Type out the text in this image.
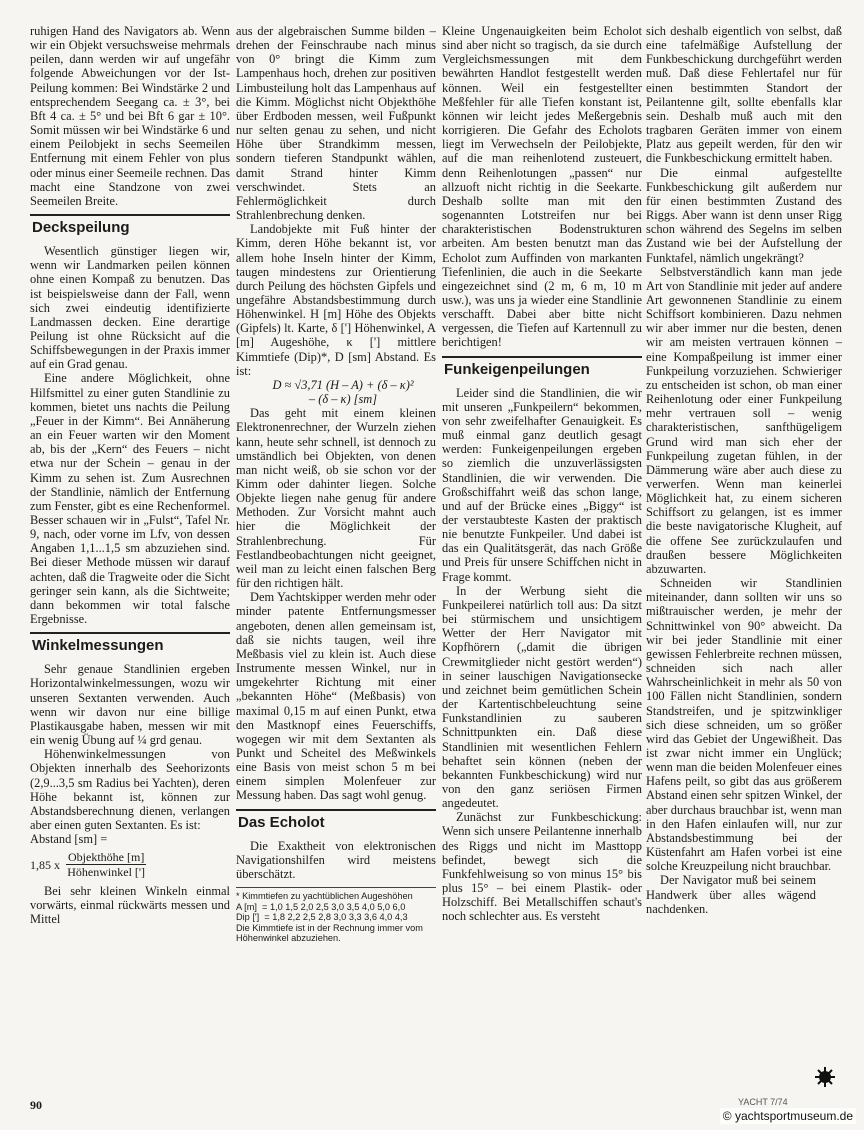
ruhigen Hand des Navigators ab. Wenn wir ein Objekt versuchsweise mehrmals peilen, dann werden wir auf ungefähr folgende Abweichungen vor der Ist-Peilung kommen: Bei Windstärke 2 und entsprechendem Seegang ca. ± 3°, bei Bft 4 ca. ± 5° und bei Bft 6 gar ± 10°. Somit müssen wir bei Windstärke 6 und einem Peilobjekt in sechs Seemeilen Entfernung mit einem Fehler von plus oder minus einer Seemeile rechnen. Das macht eine Standzone von zwei Seemeilen Breite.

Deckspeilung

Wesentlich günstiger liegen wir, wenn wir Landmarken peilen können ohne einen Kompaß zu benutzen. Das ist beispielsweise dann der Fall, wenn sich zwei eindeutig identifizierte Landmassen decken. Eine derartige Peilung ist ohne Rücksicht auf die Schiffsbewegungen in der Praxis immer auf ein Grad genau.

Eine andere Möglichkeit, ohne Hilfsmittel zu einer guten Standlinie zu kommen, bietet uns nachts die Peilung „Feuer in der Kimm“. Bei Annäherung an ein Feuer warten wir den Moment ab, bis der „Kern“ des Feuers – nicht etwa nur der Schein – genau in der Kimm zu sehen ist. Zum Ausrechnen der Standlinie, nämlich der Entfernung zum Fenster, gibt es eine Rechenformel. Besser schauen wir in „Fulst“, Tafel Nr. 9, nach, oder vorne im Lfv, von dessen Angaben 1,1...1,5 sm abzuziehen sind. Bei dieser Methode müssen wir darauf achten, daß die Tragweite oder die Sicht geringer sein kann, als die Sichtweite; dann bekommen wir total falsche Ergebnisse.

Winkelmessungen

Sehr genaue Standlinien ergeben Horizontalwinkelmessungen, wozu wir unseren Sextanten verwenden. Auch wenn wir davon nur eine billige Plastikausgabe haben, messen wir mit ein wenig Übung auf ¼ grd genau.

Höhenwinkelmessungen von Objekten innerhalb des Seehorizonts (2,9...3,5 sm Radius bei Yachten), deren Höhe bekannt ist, können zur Abstandsberechnung dienen, verlangen aber einen guten Sextanten. Es ist:

Abstand [sm] =

1,85 x $\frac{\text{Objekthöhe [m]}}{\text{Höhenwinkel [']}}$

Bei sehr kleinen Winkeln einmal vorwärts, einmal rückwärts messen und Mittel

aus der algebraischen Summe bilden – drehen der Feinschraube nach minus von 0° bringt die Kimm zum Lampenhaus hoch, drehen zur positiven Limbusteilung holt das Lampenhaus auf die Kimm. Möglichst nicht Objekthöhe über Erdboden messen, weil Fußpunkt nur selten genau zu sehen, und nicht Höhe über Strandkimm messen, sondern tieferen Standpunkt wählen, damit Strand hinter Kimm verschwindet. Stets an Fehlermöglichkeit durch Strahlenbrechung denken.

Landobjekte mit Fuß hinter der Kimm, deren Höhe bekannt ist, vor allem hohe Inseln hinter der Kimm, taugen mindestens zur Orientierung durch Peilung des höchsten Gipfels und ungefähre Abstandsbestimmung durch Höhenwinkel. H [m] Höhe des Objekts (Gipfels) lt. Karte, δ ['] Höhenwinkel, A [m] Augeshöhe, κ ['] mittlere Kimmtiefe (Dip)*, D [sm] Abstand. Es ist:

D ≈ √3,71 (H – A) + (δ – κ)²

– (δ – κ) [sm]

Das geht mit einem kleinen Elektronenrechner, der Wurzeln ziehen kann, heute sehr schnell, ist dennoch zu umständlich bei Objekten, von denen man nicht weiß, ob sie schon vor der Kimm oder dahinter liegen. Solche Objekte liegen nahe genug für andere Methoden. Zur Vorsicht mahnt auch hier die Möglichkeit der Strahlenbrechung. Für Festlandbeobachtungen nicht geeignet, weil man zu leicht einen falschen Berg für den richtigen hält.

Dem Yachtskipper werden mehr oder minder patente Entfernungsmesser angeboten, denen allen gemeinsam ist, daß sie nichts taugen, weil ihre Meßbasis viel zu klein ist. Auch diese Instrumente messen Winkel, nur in umgekehrter Richtung mit einer „bekannten Höhe“ (Meßbasis) von maximal 0,15 m auf einen Punkt, etwa den Mastknopf eines Feuerschiffs, wogegen wir mit dem Sextanten als Punkt und Scheitel des Meßwinkels eine Basis von meist schon 5 m bei einem simplen Molenfeuer zur Messung haben. Das sagt wohl genug.

Das Echolot

Die Exaktheit von elektronischen Navigationshilfen wird meistens überschätzt.

* Kimmtiefen zu yachtüblichen Augeshöhen
A [m]  = 1,0 1,5 2,0 2,5 3,0 3,5 4,0 5,0 6,0
Dip [']  = 1,8 2,2 2,5 2,8 3,0 3,3 3,6 4,0 4,3
Die Kimmtiefe ist in der Rechnung immer vom Höhenwinkel abzuziehen.

Kleine Ungenauigkeiten beim Echolot sind aber nicht so tragisch, da sie durch Vergleichsmessungen mit dem bewährten Handlot festgestellt werden können. Weil ein festgestellter Meßfehler für alle Tiefen konstant ist, können wir leicht jedes Meßergebnis korrigieren. Die Gefahr des Echolots liegt im Verwechseln der Peilobjekte, auf die man reihenlotend zusteuert, denn Reihenlotungen „passen“ nur allzuoft nicht richtig in die Seekarte. Deshalb sollte man mit den sogenannten Lotstreifen nur bei charakteristischen Bodenstrukturen arbeiten. Am besten benutzt man das Echolot zum Auffinden von markanten Tiefenlinien, die auch in die Seekarte eingezeichnet sind (2 m, 6 m, 10 m usw.), was uns ja wieder eine Standlinie verschafft. Dabei aber bitte nicht vergessen, die Tiefen auf Kartennull zu berichtigen!

Funkeigenpeilungen

Leider sind die Standlinien, die wir mit unseren „Funkpeilern“ bekommen, von sehr zweifelhafter Genauigkeit. Es muß einmal ganz deutlich gesagt werden: Funkeigenpeilungen ergeben so ziemlich die unzuverlässigsten Standlinien, die wir verwenden. Die Großschiffahrt weiß das schon lange, und auf der Brücke eines „Biggy“ ist der verstaubteste Kasten der praktisch nie benutzte Funkpeiler. Und dabei ist das ein Qualitätsgerät, das nach Größe und Preis für unsere Schiffchen nicht in Frage kommt.

In der Werbung sieht die Funkpeilerei natürlich toll aus: Da sitzt bei stürmischem und unsichtigem Wetter der Herr Navigator mit Kopfhörern („damit die übrigen Crewmitglieder nicht gestört werden“) in seiner lauschigen Navigationsecke und zeichnet beim gemütlichen Schein der Kartentischbeleuchtung seine Funkstandlinien zu sauberen Schnittpunkten ein. Daß diese Standlinien mit wesentlichen Fehlern behaftet sein können (neben der bekannten Funkbeschickung) wird nur von den ganz seriösen Firmen angedeutet.

Zunächst zur Funkbeschickung: Wenn sich unsere Peilantenne innerhalb des Riggs und nicht im Masttopp befindet, bewegt sich die Funkfehlweisung so von minus 15° bis plus 15° – bei einem Plastik- oder Holzschiff. Bei Metallschiffen schaut's noch schlechter aus. Es versteht

sich deshalb eigentlich von selbst, daß eine tafelmäßige Aufstellung der Funkbeschickung durchgeführt werden muß. Daß diese Fehlertafel nur für einen bestimmten Standort der Peilantenne gilt, sollte ebenfalls klar sein. Deshalb muß auch mit den tragbaren Geräten immer von einem Platz aus gepeilt werden, für den wir die Funkbeschickung ermittelt haben.

Die einmal aufgestellte Funkbeschickung gilt außerdem nur für einen bestimmten Zustand des Riggs. Aber wann ist denn unser Rigg schon während des Segelns im selben Zustand wie bei der Aufstellung der Funktafel, nämlich ungekrängt?

Selbstverständlich kann man jede Art von Standlinie mit jeder auf andere Art gewonnenen Standlinie zu einem Schiffsort kombinieren. Dazu nehmen wir aber immer nur die besten, denen wir am meisten vertrauen können – eine Kompaßpeilung ist immer einer Funkpeilung vorzuziehen. Schwieriger zu entscheiden ist schon, ob man einer Reihenlotung oder einer Funkpeilung mehr vertrauen soll – wenig charakteristischen, sanfthügeligem Grund wird man sich eher der Funkpeilung zugetan fühlen, in der Dämmerung wäre aber auch diese zu verwerfen. Wenn man keinerlei Möglichkeit hat, zu einem sicheren Schiffsort zu gelangen, ist es immer die beste navigatorische Klugheit, auf die offene See zurückzulaufen und draußen bessere Möglichkeiten abzuwarten.

Schneiden wir Standlinien miteinander, dann sollten wir uns so mißtrauischer werden, je mehr der Schnittwinkel von 90° abweicht. Da wir bei jeder Standlinie mit einer gewissen Fehlerbreite rechnen müssen, schneiden sich nach aller Wahrscheinlichkeit in mehr als 50 von 100 Fällen nicht Standlinien, sondern Standstreifen, und je spitzwinkliger sich diese schneiden, um so größer wird das Gebiet der Ungewißheit. Das ist zwar nicht immer ein Unglück; wenn man die beiden Molenfeuer eines Hafens peilt, so gibt das aus größerem Abstand einen sehr spitzen Winkel, der aber durchaus brauchbar ist, wenn man in den Hafen einlaufen will, nur zur Abstandsbestimmung bei der Küstenfahrt am Hafen vorbei ist eine solche Kreuzpeilung nicht brauchbar.

Der Navigator muß bei seinem Handwerk über alles wägend nachdenken.

90	YACHT 7/74
© yachtsportmuseum.de
